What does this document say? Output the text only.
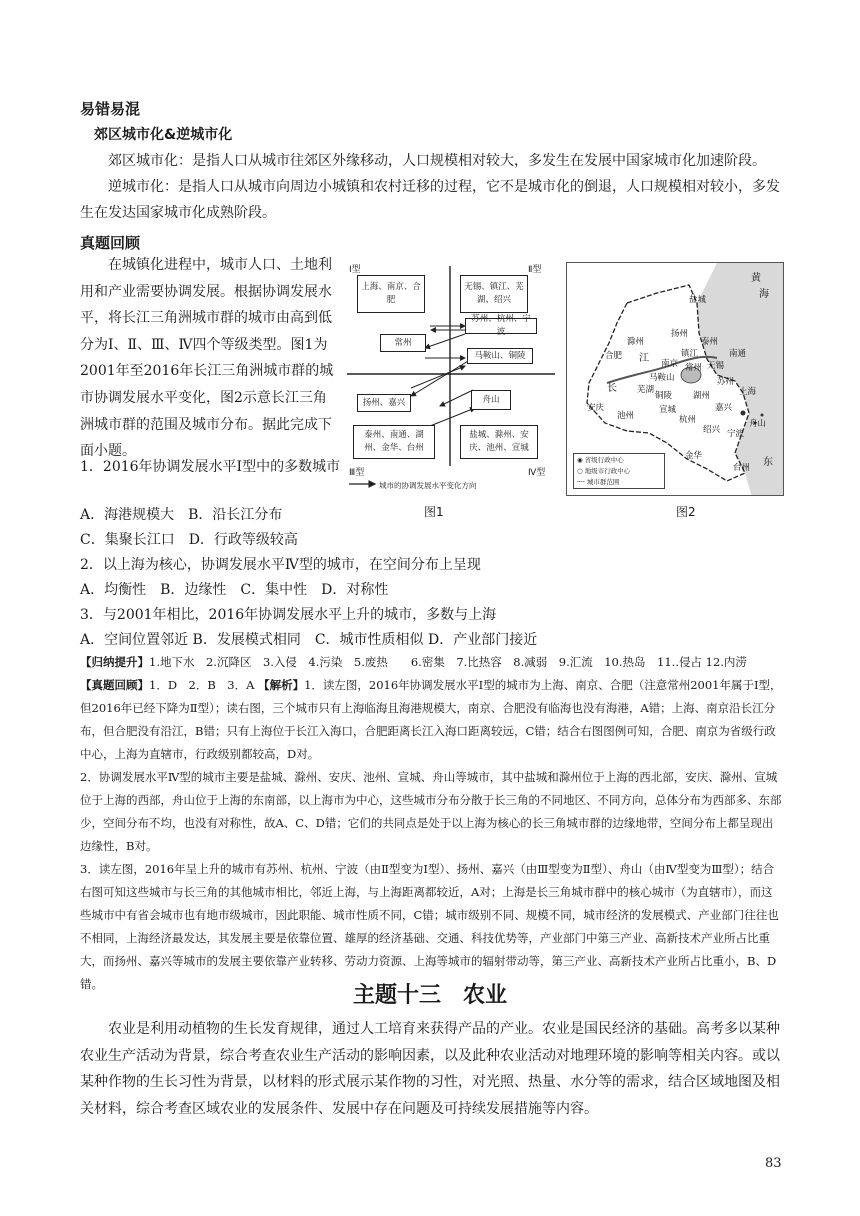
易错易混
郊区城市化&逆城市化

郊区城市化：是指人口从城市往郊区外缘移动，人口规模相对较大，多发生在发展中国家城市化加速阶段。

逆城市化：是指人口从城市向周边小城镇和农村迁移的过程，它不是城市化的倒退，人口规模相对较小，多发生在发达国家城市化成熟阶段。

真题回顾

在城镇化进程中，城市人口、土地利用和产业需要协调发展。根据协调发展水平，将长江三角洲城市群的城市由高到低分为Ⅰ、Ⅱ、Ⅲ、Ⅳ四个等级类型。图1为2001年至2016年长江三角洲城市群的城市协调发展水平变化，图2示意长江三角洲城市群的范围及城市分布。据此完成下面小题。

1．2016年协调发展水平Ⅰ型中的多数城市

A．海港规模大　B．沿长江分布

C．集聚长江口　D．行政等级较高

2．以上海为核心，协调发展水平Ⅳ型的城市，在空间分布上呈现

A．均衡性　B．边缘性　C．集中性　D．对称性

3．与2001年相比，2016年协调发展水平上升的城市，多数与上海

A．空间位置邻近 B．发展模式相同　C．城市性质相似 D．产业部门接近

Ⅰ型	Ⅱ型
Ⅲ型	Ⅳ型
上海、南京、合肥
无锡、镇江、芜湖、绍兴
常州
苏州、杭州、宁波
马鞍山、铜陵
扬州、嘉兴	舟山
泰州、南通、湖州、金华、台州
盐城、滁州、安庆、池州、宣城
城市的协调发展水平变化方向
图1
黄
海
盐城
扬州
泰州
南通
滁州
镇江
常州 无锡
苏州
南京
马鞍山
芜湖
铜陵
宣城
池州
安庆
湖州
嘉兴
上海
杭州
绍兴 宁波
舟山
金华
台州
合肥 江
长
东
◉ 省级行政中心
○ 地级市行政中心
╌╌ 城市群范围
图2

【归纳提升】1.地下水　2.沉降区　3.入侵　4.污染　5.废热　　6.密集　7.比热容　8.减弱　9.汇流　10.热岛　11..侵占 12.内涝

【真题回顾】1．D　2．B　3．A 【解析】1．读左图，2016年协调发展水平Ⅰ型的城市为上海、南京、合肥（注意常州2001年属于Ⅰ型，但2016年已经下降为Ⅱ型）；读右图，三个城市只有上海临海且海港规模大，南京、合肥没有临海也没有海港，A错；上海、南京沿长江分布，但合肥没有沿江，B错；只有上海位于长江入海口，合肥距离长江入海口距离较远，C错；结合右图图例可知，合肥、南京为省级行政中心，上海为直辖市，行政级别都较高，D对。

2．协调发展水平Ⅳ型的城市主要是盐城、滁州、安庆、池州、宣城、舟山等城市，其中盐城和滁州位于上海的西北部，安庆、滁州、宣城位于上海的西部，舟山位于上海的东南部，以上海市为中心，这些城市分布分散于长三角的不同地区、不同方向，总体分布为西部多、东部少，空间分布不均，也没有对称性，故A、C、D错；它们的共同点是处于以上海为核心的长三角城市群的边缘地带，空间分布上都呈现出边缘性，B对。

3．读左图，2016年呈上升的城市有苏州、杭州、宁波（由Ⅱ型变为Ⅰ型）、扬州、嘉兴（由Ⅲ型变为Ⅱ型）、舟山（由Ⅳ型变为Ⅲ型）；结合右图可知这些城市与长三角的其他城市相比，邻近上海，与上海距离都较近，A对；上海是长三角城市群中的核心城市（为直辖市），而这些城市中有省会城市也有地市级城市，因此职能、城市性质不同，C错；城市级别不同、规模不同，城市经济的发展模式、产业部门往往也不相同，上海经济最发达，其发展主要是依靠位置、雄厚的经济基础、交通、科技优势等，产业部门中第三产业、高新技术产业所占比重大，而扬州、嘉兴等城市的发展主要依靠产业转移、劳动力资源、上海等城市的辐射带动等，第三产业、高新技术产业所占比重小，B、D错。	主题十三　农业

农业是利用动植物的生长发育规律，通过人工培育来获得产品的产业。农业是国民经济的基础。高考多以某种农业生产活动为背景，综合考查农业生产活动的影响因素，以及此种农业活动对地理环境的影响等相关内容。或以某种作物的生长习性为背景，以材料的形式展示某作物的习性，对光照、热量、水分等的需求，结合区域地图及相关材料，综合考查区域农业的发展条件、发展中存在问题及可持续发展措施等内容。

83
